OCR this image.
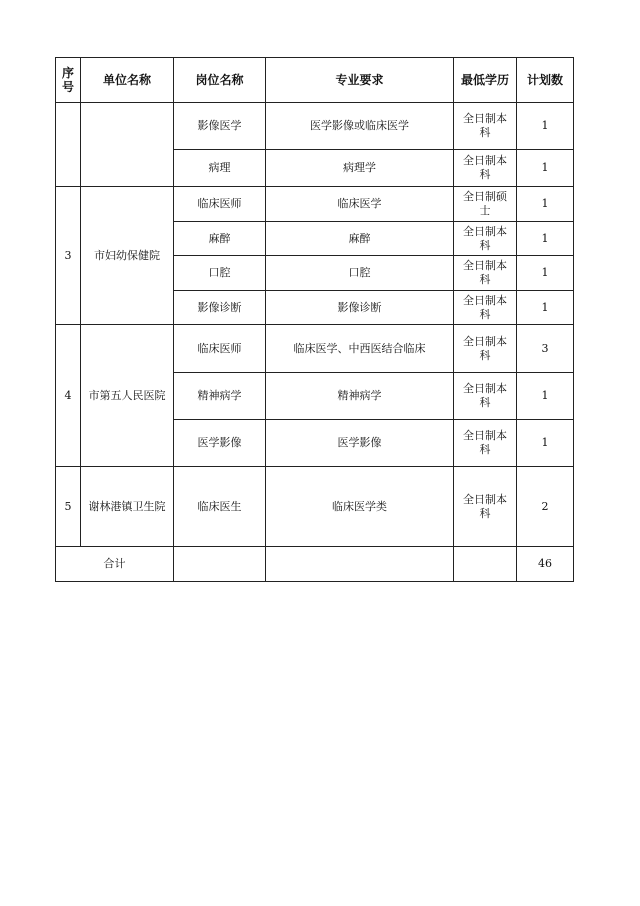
序号	单位名称	岗位名称	专业要求	最低学历	计划数
		影像医学	医学影像或临床医学	全日制本科	1
		病理	病理学	全日制本科	1
3	市妇幼保健院	临床医师	临床医学	全日制硕士	1
		麻醉	麻醉	全日制本科	1
		口腔	口腔	全日制本科	1
		影像诊断	影像诊断	全日制本科	1
4	市第五人民医院	临床医师	临床医学、中西医结合临床	全日制本科	3
		精神病学	精神病学	全日制本科	1
		医学影像	医学影像	全日制本科	1
5	谢林港镇卫生院	临床医生	临床医学类	全日制本科	2
合计					46
